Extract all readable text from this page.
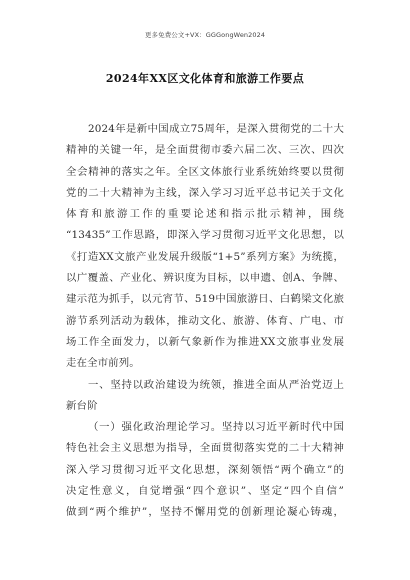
更多免费公文+VX：GGGongWen2024
2024年XX区文化体育和旅游工作要点
2024年是新中国成立75周年，是深入贯彻党的二十大
精神的关键一年，是全面贯彻市委六届二次、三次、四次
全会精神的落实之年。全区文体旅行业系统始终要以贯彻
党的二十大精神为主线，深入学习习近平总书记关于文化
体育和旅游工作的重要论述和指示批示精神，围绕
“13435”工作思路，即深入学习贯彻习近平文化思想，以
《打造XX文旅产业发展升级版“1+5”系列方案》为统揽，
以广覆盖、产业化、辨识度为目标，以申遗、创A、争牌、
建示范为抓手，以元宵节、519中国旅游日、白鹤梁文化旅
游节系列活动为载体，推动文化、旅游、体育、广电、市
场工作全面发力，以新气象新作为推进XX文旅事业发展
走在全市前列。
一、坚持以政治建设为统领，推进全面从严治党迈上
新台阶
（一）强化政治理论学习。坚持以习近平新时代中国
特色社会主义思想为指导，全面贯彻落实党的二十大精神
深入学习贯彻习近平文化思想，深刻领悟“两个确立”的
决定性意义，自觉增强“四个意识”、坚定“四个自信”
做到“两个维护”，坚持不懈用党的创新理论凝心铸魂，
